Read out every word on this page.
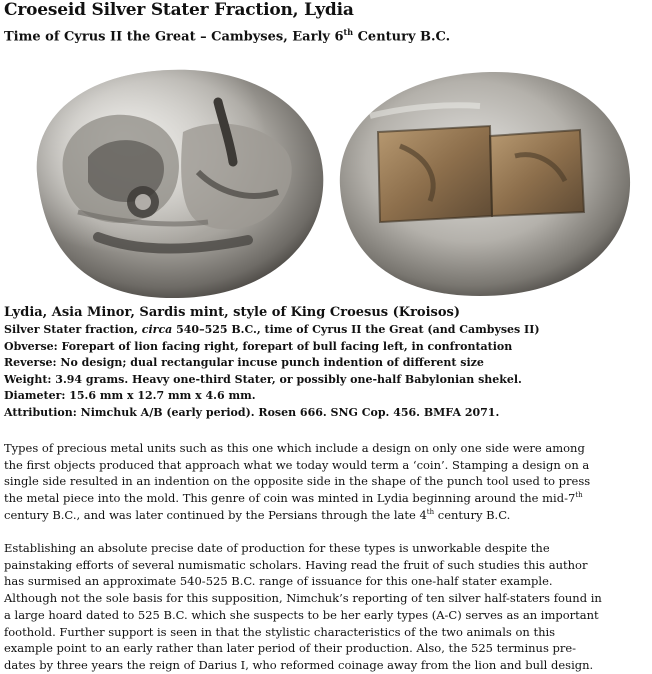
Croeseid Silver Stater Fraction, Lydia
Time of Cyrus II the Great – Cambyses, Early 6th Century B.C.
Lydia, Asia Minor, Sardis mint, style of King Croesus (Kroisos)
Silver Stater fraction, circa 540–525 B.C., time of Cyrus II the Great (and Cambyses II)
Obverse: Forepart of lion facing right, forepart of bull facing left, in confrontation
Reverse: No design; dual rectangular incuse punch indention of different size
Weight: 3.94 grams. Heavy one-third Stater, or possibly one-half Babylonian shekel.
Diameter: 15.6 mm x 12.7 mm x 4.6 mm.
Attribution: Nimchuk A/B (early period). Rosen 666. SNG Cop. 456. BMFA 2071.
Types of precious metal units such as this one which include a design on only one side were among
the first objects produced that approach what we today would term a ‘coin’. Stamping a design on a
single side resulted in an indention on the opposite side in the shape of the punch tool used to press
the metal piece into the mold. This genre of coin was minted in Lydia beginning around the mid-7th
century B.C., and was later continued by the Persians through the late 4th century B.C.
Establishing an absolute precise date of production for these types is unworkable despite the
painstaking efforts of several numismatic scholars. Having read the fruit of such studies this author
has surmised an approximate 540-525 B.C. range of issuance for this one-half stater example.
Although not the sole basis for this supposition, Nimchuk’s reporting of ten silver half-staters found in
a large hoard dated to 525 B.C. which she suspects to be her early types (A-C) serves as an important
foothold. Further support is seen in that the stylistic characteristics of the two animals on this
example point to an early rather than later period of their production. Also, the 525 terminus pre-
dates by three years the reign of Darius I, who reformed coinage away from the lion and bull design.
